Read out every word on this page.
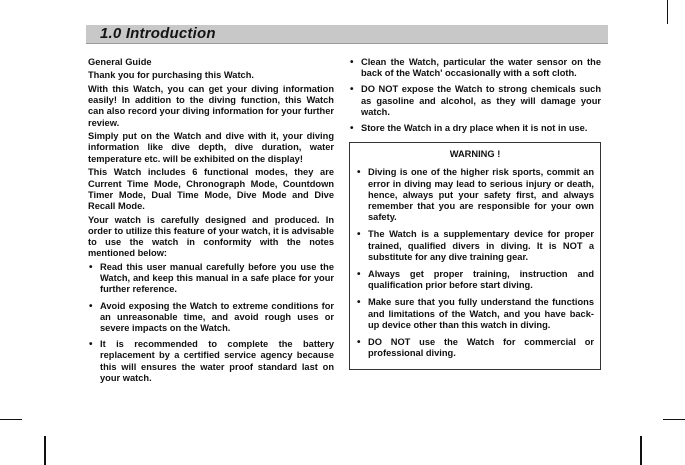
1.0 Introduction

General Guide

Thank you for purchasing this Watch.

With this Watch, you can get your diving information easily! In addition to the diving function, this Watch can also record your diving information for your further review.

Simply put on the Watch and dive with it, your diving information like dive depth, dive duration, water temperature etc. will be exhibited on the display!

This Watch includes 6 functional modes, they are Current Time Mode, Chronograph Mode, Countdown Timer Mode, Dual Time Mode, Dive Mode and Dive Recall Mode.

Your watch is carefully designed and produced. In order to utilize this feature of your watch, it is advisable to use the watch in conformity with the notes mentioned below:

• Read this user manual carefully before you use the Watch, and keep this manual in a safe place for your further reference.
• Avoid exposing the Watch to extreme conditions for an unreasonable time, and avoid rough uses or severe impacts on the Watch.
• It is recommended to complete the battery replacement by a certified service agency because this will ensures the water proof standard last on your watch.
• Clean the Watch, particular the water sensor on the back of the Watch' occasionally with a soft cloth.
• DO NOT expose the Watch to strong chemicals such as gasoline and alcohol, as they will damage your watch.
• Store the Watch in a dry place when it is not in use.
WARNING !
• Diving is one of the higher risk sports, commit an error in diving may lead to serious injury or death, hence, always put your safety first, and always remember that you are responsible for your own safety.
• The Watch is a supplementary device for proper trained, qualified divers in diving. It is NOT a substitute for any dive training gear.
• Always get proper training, instruction and qualification prior before start diving.
• Make sure that you fully understand the functions and limitations of the Watch, and you have back-up device other than this watch in diving.
• DO NOT use the Watch for commercial or professional diving.
